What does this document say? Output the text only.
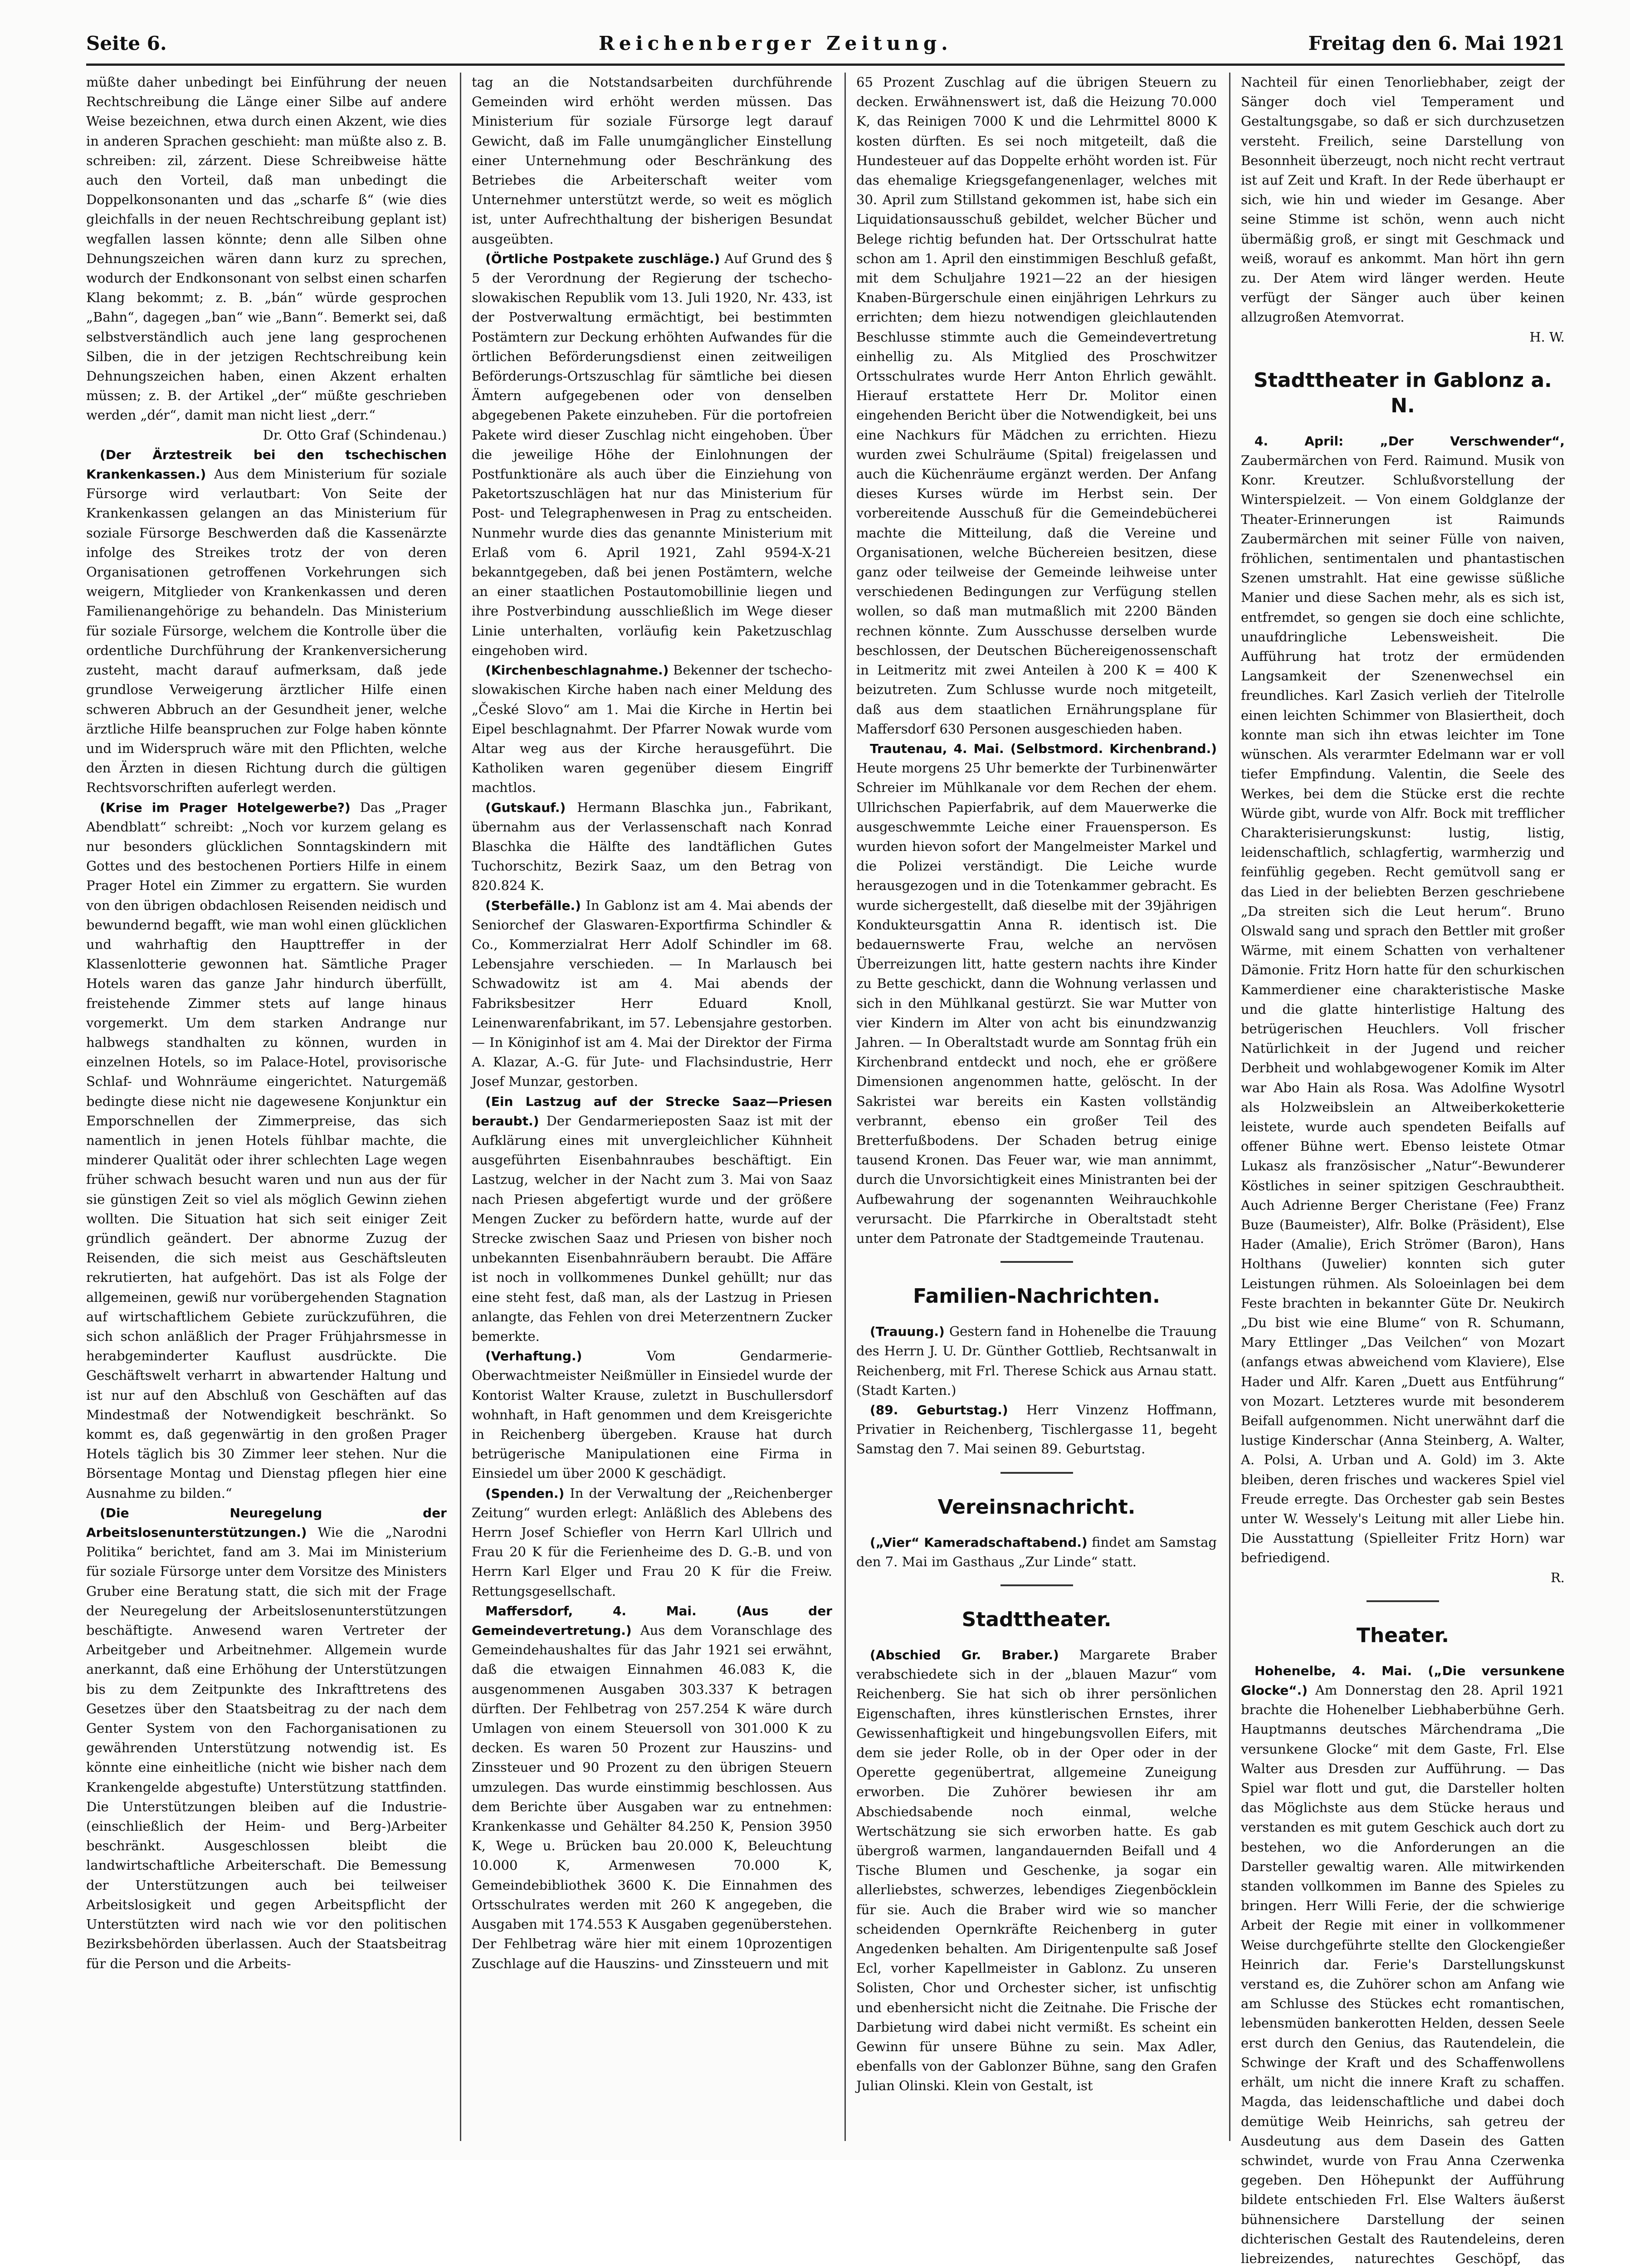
Seite 6.	Reichenberger Zeitung.	Freitag den 6. Mai 1921

müßte daher unbedingt bei Einführung der neuen Rechtschreibung die Länge einer Silbe auf andere Weise bezeichnen, etwa durch einen Akzent, wie dies in anderen Sprachen geschieht: man müßte also z. B. schreiben: zil, zárzent. Diese Schreibweise hätte auch den Vorteil, daß man unbedingt die Doppelkonsonanten und das „scharfe ß“ (wie dies gleichfalls in der neuen Rechtschreibung geplant ist) wegfallen lassen könnte; denn alle Silben ohne Dehnungszeichen wären dann kurz zu sprechen, wodurch der Endkonsonant von selbst einen scharfen Klang bekommt; z. B. „bán“ würde gesprochen „Bahn“, dagegen „ban“ wie „Bann“. Bemerkt sei, daß selbstverständlich auch jene lang gesprochenen Silben, die in der jetzigen Rechtschreibung kein Dehnungszeichen haben, einen Akzent erhalten müssen; z. B. der Artikel „der“ müßte geschrieben werden „dér“, damit man nicht liest „derr.“

Dr. Otto Graf (Schindenau.)

(Der Ärztestreik bei den tschechischen Krankenkassen.) Aus dem Ministerium für soziale Fürsorge wird verlautbart: Von Seite der Krankenkassen gelangen an das Ministerium für soziale Fürsorge Beschwerden daß die Kassenärzte infolge des Streikes trotz der von deren Organisationen getroffenen Vorkehrungen sich weigern, Mitglieder von Krankenkassen und deren Familienangehörige zu behandeln. Das Ministerium für soziale Fürsorge, welchem die Kontrolle über die ordentliche Durchführung der Krankenversicherung zusteht, macht darauf aufmerksam, daß jede grundlose Verweigerung ärztlicher Hilfe einen schweren Abbruch an der Gesundheit jener, welche ärztliche Hilfe beanspruchen zur Folge haben könnte und im Widerspruch wäre mit den Pflichten, welche den Ärzten in diesen Richtung durch die gültigen Rechtsvorschriften auferlegt werden.

(Krise im Prager Hotelgewerbe?) Das „Prager Abendblatt“ schreibt: „Noch vor kurzem gelang es nur besonders glücklichen Sonntagskindern mit Gottes und des bestochenen Portiers Hilfe in einem Prager Hotel ein Zimmer zu ergattern. Sie wurden von den übrigen obdachlosen Reisenden neidisch und bewundernd begafft, wie man wohl einen glücklichen und wahrhaftig den Haupttreffer in der Klassenlotterie gewonnen hat. Sämtliche Prager Hotels waren das ganze Jahr hindurch überfüllt, freistehende Zimmer stets auf lange hinaus vorgemerkt. Um dem starken Andrange nur halbwegs standhalten zu können, wurden in einzelnen Hotels, so im Palace-Hotel, provisorische Schlaf- und Wohnräume eingerichtet. Naturgemäß bedingte diese nicht nie dagewesene Konjunktur ein Emporschnellen der Zimmerpreise, das sich namentlich in jenen Hotels fühlbar machte, die minderer Qualität oder ihrer schlechten Lage wegen früher schwach besucht waren und nun aus der für sie günstigen Zeit so viel als möglich Gewinn ziehen wollten. Die Situation hat sich seit einiger Zeit gründlich geändert. Der abnorme Zuzug der Reisenden, die sich meist aus Geschäftsleuten rekrutierten, hat aufgehört. Das ist als Folge der allgemeinen, gewiß nur vorübergehenden Stagnation auf wirtschaftlichem Gebiete zurückzuführen, die sich schon anläßlich der Prager Frühjahrsmesse in herabgeminderter Kauflust ausdrückte. Die Geschäftswelt verharrt in abwartender Haltung und ist nur auf den Abschluß von Geschäften auf das Mindestmaß der Notwendigkeit beschränkt. So kommt es, daß gegenwärtig in den großen Prager Hotels täglich bis 30 Zimmer leer stehen. Nur die Börsentage Montag und Dienstag pflegen hier eine Ausnahme zu bilden.“

(Die Neuregelung der Arbeitslosenunterstützungen.) Wie die „Narodni Politika“ berichtet, fand am 3. Mai im Ministerium für soziale Fürsorge unter dem Vorsitze des Ministers Gruber eine Beratung statt, die sich mit der Frage der Neuregelung der Arbeitslosenunterstützungen beschäftigte. Anwesend waren Vertreter der Arbeitgeber und Arbeitnehmer. Allgemein wurde anerkannt, daß eine Erhöhung der Unterstützungen bis zu dem Zeitpunkte des Inkrafttretens des Gesetzes über den Staatsbeitrag zu der nach dem Genter System von den Fachorganisationen zu gewährenden Unterstützung notwendig ist. Es könnte eine einheitliche (nicht wie bisher nach dem Krankengelde abgestufte) Unterstützung stattfinden. Die Unterstützungen bleiben auf die Industrie- (einschließlich der Heim- und Berg-)Arbeiter beschränkt. Ausgeschlossen bleibt die landwirtschaftliche Arbeiterschaft. Die Bemessung der Unterstützungen auch bei teilweiser Arbeitslosigkeit und gegen Arbeitspflicht der Unterstützten wird nach wie vor den politischen Bezirksbehörden überlassen. Auch der Staatsbeitrag für die Person und die Arbeits-

tag an die Notstandsarbeiten durchführende Gemeinden wird erhöht werden müssen. Das Ministerium für soziale Fürsorge legt darauf Gewicht, daß im Falle unumgänglicher Einstellung einer Unternehmung oder Beschränkung des Betriebes die Arbeiterschaft weiter vom Unternehmer unterstützt werde, so weit es möglich ist, unter Aufrechthaltung der bisherigen Besundat ausgeübten.

(Örtliche Postpakete zuschläge.) Auf Grund des § 5 der Verordnung der Regierung der tschecho-slowakischen Republik vom 13. Juli 1920, Nr. 433, ist der Postverwaltung ermächtigt, bei bestimmten Postämtern zur Deckung erhöhten Aufwandes für die örtlichen Beförderungsdienst einen zeitweiligen Beförderungs-Ortszuschlag für sämtliche bei diesen Ämtern aufgegebenen oder von denselben abgegebenen Pakete einzuheben. Für die portofreien Pakete wird dieser Zuschlag nicht eingehoben. Über die jeweilige Höhe der Einlohnungen der Postfunktionäre als auch über die Einziehung von Paketortszuschlägen hat nur das Ministerium für Post- und Telegraphenwesen in Prag zu entscheiden. Nunmehr wurde dies das genannte Ministerium mit Erlaß vom 6. April 1921, Zahl 9594-X-21 bekanntgegeben, daß bei jenen Postämtern, welche an einer staatlichen Postautomobillinie liegen und ihre Postverbindung ausschließlich im Wege dieser Linie unterhalten, vorläufig kein Paketzuschlag eingehoben wird.

(Kirchenbeschlagnahme.) Bekenner der tschecho-slowakischen Kirche haben nach einer Meldung des „České Slovo“ am 1. Mai die Kirche in Hertin bei Eipel beschlagnahmt. Der Pfarrer Nowak wurde vom Altar weg aus der Kirche herausgeführt. Die Katholiken waren gegenüber diesem Eingriff machtlos.

(Gutskauf.) Hermann Blaschka jun., Fabrikant, übernahm aus der Verlassenschaft nach Konrad Blaschka die Hälfte des landtäflichen Gutes Tuchorschitz, Bezirk Saaz, um den Betrag von 820.824 K.

(Sterbefälle.) In Gablonz ist am 4. Mai abends der Seniorchef der Glaswaren-Exportfirma Schindler & Co., Kommerzialrat Herr Adolf Schindler im 68. Lebensjahre verschieden. — In Marlausch bei Schwadowitz ist am 4. Mai abends der Fabriksbesitzer Herr Eduard Knoll, Leinenwarenfabrikant, im 57. Lebensjahre gestorben. — In Königinhof ist am 4. Mai der Direktor der Firma A. Klazar, A.-G. für Jute- und Flachsindustrie, Herr Josef Munzar, gestorben.

(Ein Lastzug auf der Strecke Saaz—Priesen beraubt.) Der Gendarmerieposten Saaz ist mit der Aufklärung eines mit unvergleichlicher Kühnheit ausgeführten Eisenbahnraubes beschäftigt. Ein Lastzug, welcher in der Nacht zum 3. Mai von Saaz nach Priesen abgefertigt wurde und der größere Mengen Zucker zu befördern hatte, wurde auf der Strecke zwischen Saaz und Priesen von bisher noch unbekannten Eisenbahnräubern beraubt. Die Affäre ist noch in vollkommenes Dunkel gehüllt; nur das eine steht fest, daß man, als der Lastzug in Priesen anlangte, das Fehlen von drei Meterzentnern Zucker bemerkte.

(Verhaftung.)	Vom Gendarmerie-Oberwachtmeister Neißmüller in Einsiedel wurde der Kontorist Walter Krause, zuletzt in Buschullersdorf wohnhaft, in Haft genommen und dem Kreisgerichte in Reichenberg übergeben. Krause hat durch betrügerische Manipulationen eine Firma in Einsiedel um über 2000 K geschädigt.

(Spenden.) In der Verwaltung der „Reichenberger Zeitung“ wurden erlegt: Anläßlich des Ablebens des Herrn Josef Schiefler von Herrn Karl Ullrich und Frau 20 K für die Ferienheime des D. G.-B. und von Herrn Karl Elger und Frau 20 K für die Freiw. Rettungsgesellschaft.

Maffersdorf, 4. Mai. (Aus der Gemeindevertretung.) Aus dem Voranschlage des Gemeindehaushaltes für das Jahr 1921 sei erwähnt, daß die etwaigen Einnahmen 46.083 K, die ausgenommenen Ausgaben 303.337 K betragen dürften. Der Fehlbetrag von 257.254 K wäre durch Umlagen von einem Steuersoll von 301.000 K zu decken. Es waren 50 Prozent zur Hauszins- und Zinssteuer und 90 Prozent zu den übrigen Steuern umzulegen. Das wurde einstimmig beschlossen. Aus dem Berichte über Ausgaben war zu entnehmen: Krankenkasse und Gehälter 84.250 K, Pension 3950 K, Wege u. Brücken bau 20.000 K, Beleuchtung 10.000 K, Armenwesen 70.000 K, Gemeindebibliothek 3600 K. Die Einnahmen des Ortsschulrates werden mit 260 K angegeben, die Ausgaben mit 174.553 K Ausgaben gegenüberstehen. Der Fehlbetrag wäre hier mit einem 10prozentigen Zuschlage auf die Hauszins- und Zinssteuern und mit

65 Prozent Zuschlag auf die übrigen Steuern zu decken. Erwähnenswert ist, daß die Heizung 70.000 K, das Reinigen 7000 K und die Lehrmittel 8000 K kosten dürften. Es sei noch mitgeteilt, daß die Hundesteuer auf das Doppelte erhöht worden ist. Für das ehemalige Kriegsgefangenenlager, welches mit 30. April zum Stillstand gekommen ist, habe sich ein Liquidationsausschuß gebildet, welcher Bücher und Belege richtig befunden hat. Der Ortsschulrat hatte schon am 1. April den einstimmigen Beschluß gefaßt, mit dem Schuljahre 1921—22 an der hiesigen Knaben-Bürgerschule einen einjährigen Lehrkurs zu errichten; dem hiezu notwendigen gleichlautenden Beschlusse stimmte auch die Gemeindevertretung einhellig zu. Als Mitglied des Proschwitzer Ortsschulrates wurde Herr Anton Ehrlich gewählt. Hierauf erstattete Herr Dr. Molitor einen eingehenden Bericht über die Notwendigkeit, bei uns eine Nachkurs für Mädchen zu errichten. Hiezu wurden zwei Schulräume (Spital) freigelassen und auch die Küchenräume ergänzt werden. Der Anfang dieses Kurses würde im Herbst sein. Der vorbereitende Ausschuß für die Gemeindebücherei machte die Mitteilung, daß die Vereine und Organisationen, welche Büchereien besitzen, diese ganz oder teilweise der Gemeinde leihweise unter verschiedenen Bedingungen zur Verfügung stellen wollen, so daß man mutmaßlich mit 2200 Bänden rechnen könnte. Zum Ausschusse derselben wurde beschlossen, der Deutschen Büchereigenossenschaft in Leitmeritz mit zwei Anteilen à 200 K = 400 K beizutreten. Zum Schlusse wurde noch mitgeteilt, daß aus dem staatlichen Ernährungsplane für Maffersdorf 630 Personen ausgeschieden haben.

Trautenau, 4. Mai. (Selbstmord. Kirchenbrand.) Heute morgens 25 Uhr bemerkte der Turbinenwärter Schreier im Mühlkanale vor dem Rechen der ehem. Ullrichschen Papierfabrik, auf dem Mauerwerke die ausgeschwemmte Leiche einer Frauensperson. Es wurden hievon sofort der Mangelmeister Markel und die Polizei verständigt. Die Leiche wurde herausgezogen und in die Totenkammer gebracht. Es wurde sichergestellt, daß dieselbe mit der 39jährigen Kondukteursgattin Anna R. identisch ist. Die bedauernswerte Frau, welche an nervösen Überreizungen litt, hatte gestern nachts ihre Kinder zu Bette geschickt, dann die Wohnung verlassen und sich in den Mühlkanal gestürzt. Sie war Mutter von vier Kindern im Alter von acht bis einundzwanzig Jahren. — In Oberaltstadt wurde am Sonntag früh ein Kirchenbrand entdeckt und noch, ehe er größere Dimensionen angenommen hatte, gelöscht. In der Sakristei war bereits ein Kasten vollständig verbrannt, ebenso ein großer Teil des Bretterfußbodens. Der Schaden betrug einige tausend Kronen. Das Feuer war, wie man annimmt, durch die Unvorsichtigkeit eines Ministranten bei der Aufbewahrung der sogenannten Weihrauchkohle verursacht. Die Pfarrkirche in Oberaltstadt steht unter dem Patronate der Stadtgemeinde Trautenau.

Familien-Nachrichten.

(Trauung.) Gestern fand in Hohenelbe die Trauung des Herrn J. U. Dr. Günther Gottlieb, Rechtsanwalt in Reichenberg, mit Frl. Therese Schick aus Arnau statt. (Stadt Karten.)

(89. Geburtstag.) Herr Vinzenz Hoffmann, Privatier in Reichenberg, Tischlergasse 11, begeht Samstag den 7. Mai seinen 89. Geburtstag.

Vereinsnachricht.

(„Vier“ Kameradschaftabend.) findet am Samstag den 7. Mai im Gasthaus „Zur Linde“ statt.

Stadttheater.

(Abschied Gr. Braber.) Margarete Braber verabschiedete sich in der „blauen Mazur“ vom Reichenberg. Sie hat sich ob ihrer persönlichen Eigenschaften, ihres künstlerischen Ernstes, ihrer Gewissenhaftigkeit und hingebungsvollen Eifers, mit dem sie jeder Rolle, ob in der Oper oder in der Operette gegenübertrat, allgemeine Zuneigung erworben. Die Zuhörer bewiesen ihr am Abschiedsabende noch einmal, welche Wertschätzung sie sich erworben hatte. Es gab übergroß warmen, langandauernden Beifall und 4 Tische Blumen und Geschenke, ja sogar ein allerliebstes, schwerzes, lebendiges Ziegenböcklein für sie. Auch die Braber wird wie so mancher scheidenden Opernkräfte Reichenberg in guter Angedenken behalten. Am Dirigentenpulte saß Josef Ecl, vorher Kapellmeister in Gablonz. Zu unseren Solisten, Chor und Orchester sicher, ist unfischtig und ebenhersicht nicht die Zeitnahe. Die Frische der Darbietung wird dabei nicht vermißt. Es scheint ein Gewinn für unsere Bühne zu sein. Max Adler, ebenfalls von der Gablonzer Bühne, sang den Grafen Julian Olinski. Klein von Gestalt, ist

Nachteil für einen Tenorliebhaber, zeigt der Sänger doch viel Temperament und Gestaltungsgabe, so daß er sich durchzusetzen versteht. Freilich, seine Darstellung von Besonnheit überzeugt, noch nicht recht vertraut ist auf Zeit und Kraft. In der Rede überhaupt er sich, wie hin und wieder im Gesange. Aber seine Stimme ist schön, wenn auch nicht übermäßig groß, er singt mit Geschmack und weiß, worauf es ankommt. Man hört ihn gern zu. Der Atem wird länger werden. Heute verfügt der Sänger auch über keinen allzugroßen Atemvorrat.

H. W.

Stadttheater in Gablonz a. N.

4. April: „Der Verschwender“, Zaubermärchen von Ferd. Raimund. Musik von Konr. Kreutzer. Schlußvorstellung der Winterspielzeit. — Von einem Goldglanze der Theater-Erinnerungen ist Raimunds Zaubermärchen mit seiner Fülle von naiven, fröhlichen, sentimentalen und phantastischen Szenen umstrahlt. Hat eine gewisse süßliche Manier und diese Sachen mehr, als es sich ist, entfremdet, so gengen sie doch eine schlichte, unaufdringliche Lebensweisheit. Die Aufführung hat trotz der ermüdenden Langsamkeit der Szenenwechsel ein freundliches. Karl Zasich verlieh der Titelrolle einen leichten Schimmer von Blasiertheit, doch konnte man sich ihn etwas leichter im Tone wünschen. Als verarmter Edelmann war er voll tiefer Empfindung. Valentin, die Seele des Werkes, bei dem die Stücke erst die rechte Würde gibt, wurde von Alfr. Bock mit trefflicher Charakterisierungskunst: lustig, listig, leidenschaftlich, schlagfertig, warmherzig und feinfühlig gegeben. Recht gemütvoll sang er das Lied in der beliebten Berzen geschriebene „Da streiten sich die Leut herum“. Bruno Olswald sang und sprach den Bettler mit großer Wärme, mit einem Schatten von verhaltener Dämonie. Fritz Horn hatte für den schurkischen Kammerdiener eine charakteristische Maske und die glatte hinterlistige Haltung des betrügerischen Heuchlers. Voll frischer Natürlichkeit in der Jugend und reicher Derbheit und wohlabgewogener Komik im Alter war Abo Hain als Rosa. Was Adolfine Wysotrl als Holzweibslein an Altweiberkoketterie leistete, wurde auch spendeten Beifalls auf offener Bühne wert. Ebenso leistete Otmar Lukasz als französischer „Natur“-Bewunderer Köstliches in seiner spitzigen Geschraubtheit. Auch Adrienne Berger Cheristane (Fee) Franz Buze (Baumeister), Alfr. Bolke (Präsident), Else Hader (Amalie), Erich Strömer (Baron), Hans Holthans (Juwelier) konnten sich guter Leistungen rühmen. Als Soloeinlagen bei dem Feste brachten in bekannter Güte Dr. Neukirch „Du bist wie eine Blume“ von R. Schumann, Mary Ettlinger „Das Veilchen“ von Mozart (anfangs etwas abweichend vom Klaviere), Else Hader und Alfr. Karen „Duett aus Entführung“ von Mozart. Letzteres wurde mit besonderem Beifall aufgenommen. Nicht unerwähnt darf die lustige Kinderschar (Anna Steinberg, A. Walter, A. Polsi, A. Urban und A. Gold) im 3. Akte bleiben, deren frisches und wackeres Spiel viel Freude erregte. Das Orchester gab sein Bestes unter W. Wessely's Leitung mit aller Liebe hin. Die Ausstattung (Spielleiter Fritz Horn) war befriedigend.

R.

Theater.

Hohenelbe, 4. Mai. („Die versunkene Glocke“.) Am Donnerstag den 28. April 1921 brachte die Hohenelber Liebhaberbühne Gerh. Hauptmanns deutsches Märchendrama „Die versunkene Glocke“ mit dem Gaste, Frl. Else Walter aus Dresden zur Aufführung. — Das Spiel war flott und gut, die Darsteller holten das Möglichste aus dem Stücke heraus und verstanden es mit gutem Geschick auch dort zu bestehen, wo die Anforderungen an die Darsteller gewaltig waren. Alle mitwirkenden standen vollkommen im Banne des Spieles zu bringen. Herr Willi Ferie, der die schwierige Arbeit der Regie mit einer in vollkommener Weise durchgeführte stellte den Glockengießer Heinrich dar. Ferie's Darstellungskunst verstand es, die Zuhörer schon am Anfang wie am Schlusse des Stückes echt romantischen, lebensmüden bankerotten Helden, dessen Seele erst durch den Genius, das Rautendelein, die Schwinge der Kraft und des Schaffenwollens erhält, um nicht die innere Kraft zu schaffen. Magda, das leidenschaftliche und dabei doch demütige Weib Heinrichs, sah getreu der Ausdeutung aus dem Dasein des Gatten schwindet, wurde von Frau Anna Czerwenka gegeben. Den Höhepunkt der Aufführung bildete entschieden Frl. Else Walters äußerst bühnensichere Darstellung der seinen dichterischen Gestalt des Rautendeleins, deren liebreizendes, naturechtes Geschöpf, das
